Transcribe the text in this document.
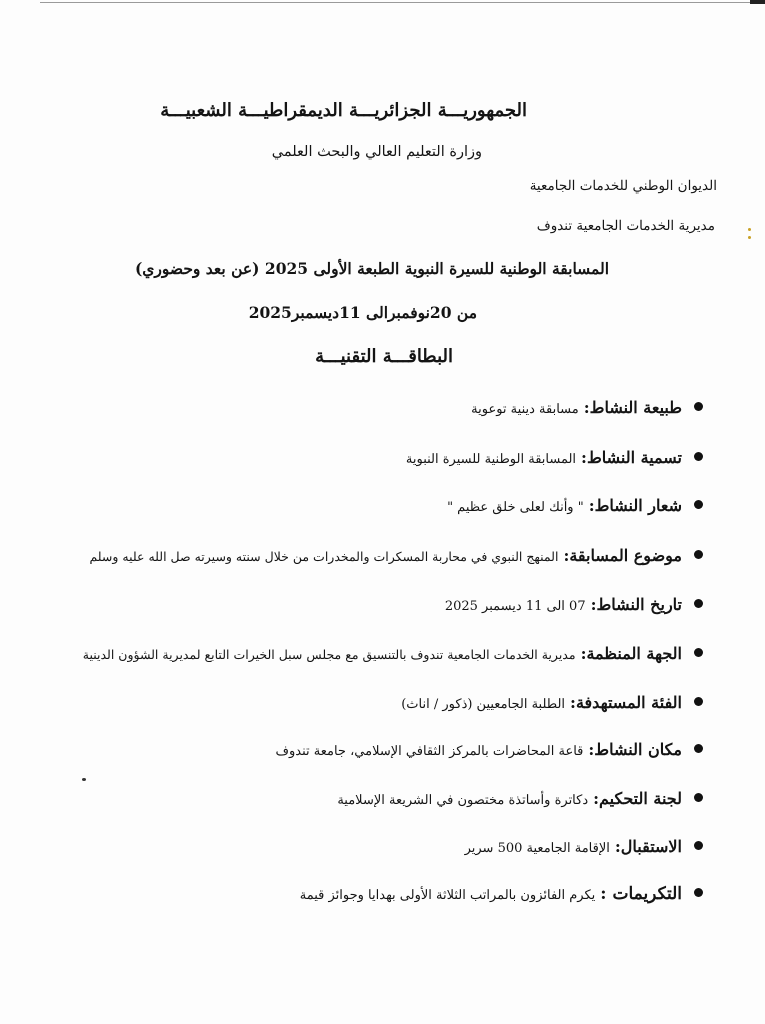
الجمهوريـــة الجزائريـــة الديمقراطيـــة الشعبيـــة

وزارة التعليم العالي والبحث العلمي

الديوان الوطني للخدمات الجامعية

مديرية الخدمات الجامعية تندوف

المسابقة الوطنية للسيرة النبوية الطبعة الأولى 2025 (عن بعد وحضوري)

من 20نوفمبرالى 11ديسمبر2025

البطاقـــة التقنيـــة

طبيعة النشاط:
مسابقة دينية توعوية
تسمية النشاط:
المسابقة الوطنية للسيرة النبوية
شعار النشاط:
" وأنك لعلى خلق عظيم "
موضوع المسابقة:
المنهج النبوي في محاربة المسكرات والمخدرات من خلال سنته وسيرته صل الله عليه وسلم
تاريخ النشاط:
07 الى 11 ديسمبر 2025
الجهة المنظمة:
مديرية الخدمات الجامعية تندوف بالتنسيق مع مجلس سبل الخيرات التابع لمديرية الشؤون الدينية
الفئة المستهدفة:
الطلبة الجامعيين (ذكور / اناث)
مكان النشاط:
قاعة المحاضرات بالمركز الثقافي الإسلامي، جامعة تندوف
لجنة التحكيم:
دكاترة وأساتذة مختصون في الشريعة الإسلامية
الاستقبال:
الإقامة الجامعية 500 سرير
التكريمات :
يكرم الفائزون بالمراتب الثلاثة الأولى بهدايا وجوائز قيمة
